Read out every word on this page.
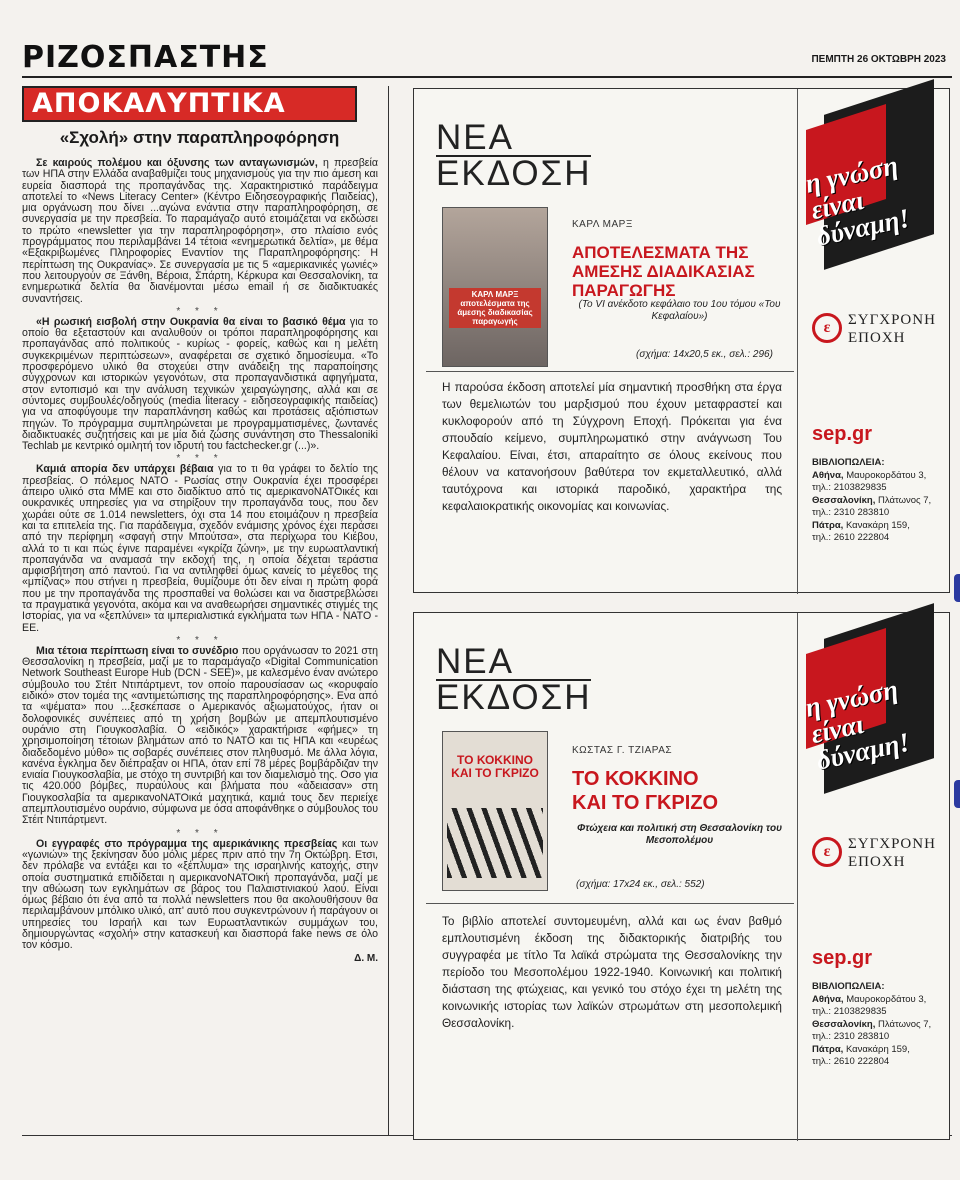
ΡΙΖΟΣΠΑΣΤΗΣ	ΠΕΜΠΤΗ 26 ΟΚΤΩΒΡΗ 2023
ΑΠΟΚΑΛΥΠΤΙΚΑ
«Σχολή» στην παραπληροφόρηση

Σε καιρούς πολέμου και όξυνσης των ανταγωνισμών, η πρεσβεία των ΗΠΑ στην Ελλάδα αναβαθμίζει τους μηχανισμούς για την πιο άμεση και ευρεία διασπορά της προπαγάνδας της. Χαρακτηριστικό παράδειγμα αποτελεί το «News Literacy Center» (Κέντρο Ειδησεογραφικής Παιδείας), μια οργάνωση που δίνει ...αγώνα ενάντια στην παραπληροφόρηση, σε συνεργασία με την πρεσβεία. Το παραμάγαζο αυτό ετοιμάζεται να εκδώσει το πρώτο «newsletter για την παραπληροφόρηση», στο πλαίσιο ενός προγράμματος που περιλαμβάνει 14 τέτοια «ενημερωτικά δελτία», με θέμα «Εξακριβωμένες Πληροφορίες Εναντίον της Παραπληροφόρησης: Η περίπτωση της Ουκρανίας». Σε συνεργασία με τις 5 «αμερικανικές γωνιές» που λειτουργούν σε Ξάνθη, Βέροια, Σπάρτη, Κέρκυρα και Θεσσαλονίκη, τα ενημερωτικά δελτία θα διανέμονται μέσω email ή σε διαδικτυακές συναντήσεις.

* * *

«Η ρωσική εισβολή στην Ουκρανία θα είναι το βασικό θέμα για το οποίο θα εξεταστούν και αναλυθούν οι τρόποι παραπληροφόρησης και προπαγάνδας από πολιτικούς - κυρίως - φορείς, καθώς και η μελέτη συγκεκριμένων περιπτώσεων», αναφέρεται σε σχετικό δημοσίευμα. «Το προσφερόμενο υλικό θα στοχεύει στην ανάδειξη της παραποίησης σύγχρονων και ιστορικών γεγονότων, στα προπαγανδιστικά αφηγήματα, στον εντοπισμό και την ανάλυση τεχνικών χειραγώγησης, αλλά και σε σύντομες συμβουλές/οδηγούς (media literacy - ειδησεογραφικής παιδείας) για να αποφύγουμε την παραπλάνηση καθώς και προτάσεις αξιόπιστων πηγών. Το πρόγραμμα συμπληρώνεται με προγραμματισμένες, ζωντανές διαδικτυακές συζητήσεις και με μία διά ζώσης συνάντηση στο Thessaloniki Techlab με κεντρικό ομιλητή τον ιδρυτή του factchecker.gr (...)».

* * *

Καμιά απορία δεν υπάρχει βέβαια για το τι θα γράφει το δελτίο της πρεσβείας. Ο πόλεμος ΝΑΤΟ - Ρωσίας στην Ουκρανία έχει προσφέρει άπειρο υλικό στα ΜΜΕ και στο διαδίκτυο από τις αμερικανοΝΑΤΟικές και ουκρανικές υπηρεσίες για να στηρίξουν την προπαγάνδα τους, που δεν χωράει ούτε σε 1.014 newsletters, όχι στα 14 που ετοιμάζουν η πρεσβεία και τα επιτελεία της. Για παράδειγμα, σχεδόν ενάμισης χρόνος έχει περάσει από την περίφημη «σφαγή στην Μπούτσα», στα περίχωρα του Κιέβου, αλλά το τι και πώς έγινε παραμένει «γκρίζα ζώνη», με την ευρωατλαντική προπαγάνδα να αναμασά την εκδοχή της, η οποία δέχεται τεράστια αμφισβήτηση από παντού. Για να αντιληφθεί όμως κανείς το μέγεθος της «μπίζνας» που στήνει η πρεσβεία, θυμίζουμε ότι δεν είναι η πρώτη φορά που με την προπαγάνδα της προσπαθεί να θολώσει και να διαστρεβλώσει τα πραγματικά γεγονότα, ακόμα και να αναθεωρήσει σημαντικές στιγμές της Ιστορίας, για να «ξεπλύνει» τα ιμπεριαλιστικά εγκλήματα των ΗΠΑ - ΝΑΤΟ - ΕΕ.

* * *

Μια τέτοια περίπτωση είναι το συνέδριο που οργάνωσαν το 2021 στη Θεσσαλονίκη η πρεσβεία, μαζί με το παραμάγαζο «Digital Communication Network Southeast Europe Hub (DCN - SEE)», με καλεσμένο έναν ανώτερο σύμβουλο του Στέιτ Ντιπάρτμεντ, τον οποίο παρουσίασαν ως «κορυφαίο ειδικό» στον τομέα της «αντιμετώπισης της παραπληροφόρησης». Ενα από τα «ψέματα» που ...ξεσκέπασε ο Αμερικανός αξιωματούχος, ήταν οι δολοφονικές συνέπειες από τη χρήση βομβών με απεμπλουτισμένο ουράνιο στη Γιουγκοσλαβία. Ο «ειδικός» χαρακτήρισε «φήμες» τη χρησιμοποίηση τέτοιων βλημάτων από το ΝΑΤΟ και τις ΗΠΑ και «ευρέως διαδεδομένο μύθο» τις σοβαρές συνέπειες στον πληθυσμό. Με άλλα λόγια, κανένα έγκλημα δεν διέπραξαν οι ΗΠΑ, όταν επί 78 μέρες βομβάρδιζαν την ενιαία Γιουγκοσλαβία, με στόχο τη συντριβή και τον διαμελισμό της. Οσο για τις 420.000 βόμβες, πυραύλους και βλήματα που «άδειασαν» στη Γιουγκοσλαβία τα αμερικανοΝΑΤΟικά μαχητικά, καμιά τους δεν περιείχε απεμπλουτισμένο ουράνιο, σύμφωνα με όσα αποφάνθηκε ο σύμβουλος του Στέιτ Ντιπάρτμεντ.

* * *

Οι εγγραφές στο πρόγραμμα της αμερικάνικης πρεσβείας και των «γωνιών» της ξεκίνησαν δύο μόλις μέρες πριν από την 7η Οκτώβρη. Ετσι, δεν πρόλαβε να εντάξει και το «ξέπλυμα» της ισραηλινής κατοχής, στην οποία συστηματικά επιδίδεται η αμερικανοΝΑΤΟική προπαγάνδα, μαζί με την αθώωση των εγκλημάτων σε βάρος του Παλαιστινιακού λαού. Είναι όμως βέβαιο ότι ένα από τα πολλά newsletters που θα ακολουθήσουν θα περιλαμβάνουν μπόλικο υλικό, απ' αυτό που συγκεντρώνουν ή παράγουν οι υπηρεσίες του Ισραήλ και των Ευρωατλαντικών συμμάχων του, δημιουργώντας «σχολή» στην κατασκευή και διασπορά fake news σε όλο τον κόσμο.

Δ. Μ.
ΝΕΑ
ΕΚΔΟΣΗ
ΚΑΡΛ ΜΑΡΞ αποτελέσματα της άμεσης διαδικασίας παραγωγής
ΚΑΡΛ ΜΑΡΞ
ΑΠΟΤΕΛΕΣΜΑΤΑ ΤΗΣ ΑΜΕΣΗΣ ΔΙΑΔΙΚΑΣΙΑΣ ΠΑΡΑΓΩΓΗΣ
(Το VI ανέκδοτο κεφάλαιο του 1ου τόμου «Του Κεφαλαίου»)
(σχήμα: 14x20,5 εκ., σελ.: 296)
Η παρούσα έκδοση αποτελεί μία σημαντική προσθήκη στα έργα των θεμελιωτών του μαρξισμού που έχουν μεταφραστεί και κυκλοφορούν από τη Σύγχρονη Εποχή. Πρόκειται για ένα σπουδαίο κείμενο, συμπληρωματικό στην ανάγνωση Του Κεφαλαίου. Είναι, έτσι, απαραίτητο σε όλους εκείνους που θέλουν να κατανοήσουν βαθύτερα τον εκμεταλλευτικό, αλλά ταυτόχρονα και ιστορικά παροδικό, χαρακτήρα της κεφαλαιοκρατικής οικονομίας και κοινωνίας.
η γνώση είναι δύναμη!
ε	ΣΥΓΧΡΟΝΗ ΕΠΟΧΗ
sep.gr
ΒΙΒΛΙΟΠΩΛΕΙΑ:
Αθήνα, Μαυροκορδάτου 3,
τηλ.: 2103829835
Θεσσαλονίκη, Πλάτωνος 7,
τηλ.: 2310 283810
Πάτρα, Κανακάρη 159,
τηλ.: 2610 222804
ΝΕΑ
ΕΚΔΟΣΗ
ΤΟ ΚΟΚΚΙΝΟ ΚΑΙ ΤΟ ΓΚΡΙΖΟ
ΚΩΣΤΑΣ Γ. ΤΖΙΑΡΑΣ
ΤΟ ΚΟΚΚΙΝΟ ΚΑΙ ΤΟ ΓΚΡΙΖΟ
Φτώχεια και πολιτική στη Θεσσαλονίκη του Μεσοπολέμου
(σχήμα: 17x24 εκ., σελ.: 552)
Το βιβλίο αποτελεί συντομευμένη, αλλά και ως έναν βαθμό εμπλουτισμένη έκδοση της διδακτορικής διατριβής του συγγραφέα με τίτλο Τα λαϊκά στρώματα της Θεσσαλονίκης την περίοδο του Μεσοπολέμου 1922-1940. Κοινωνική και πολιτική διάσταση της φτώχειας, και γενικό του στόχο έχει τη μελέτη της κοινωνικής ιστορίας των λαϊκών στρωμάτων στη μεσοπολεμική Θεσσαλονίκη.
η γνώση είναι δύναμη!
ε	ΣΥΓΧΡΟΝΗ ΕΠΟΧΗ
sep.gr
ΒΙΒΛΙΟΠΩΛΕΙΑ:
Αθήνα, Μαυροκορδάτου 3,
τηλ.: 2103829835
Θεσσαλονίκη, Πλάτωνος 7,
τηλ.: 2310 283810
Πάτρα, Κανακάρη 159,
τηλ.: 2610 222804
